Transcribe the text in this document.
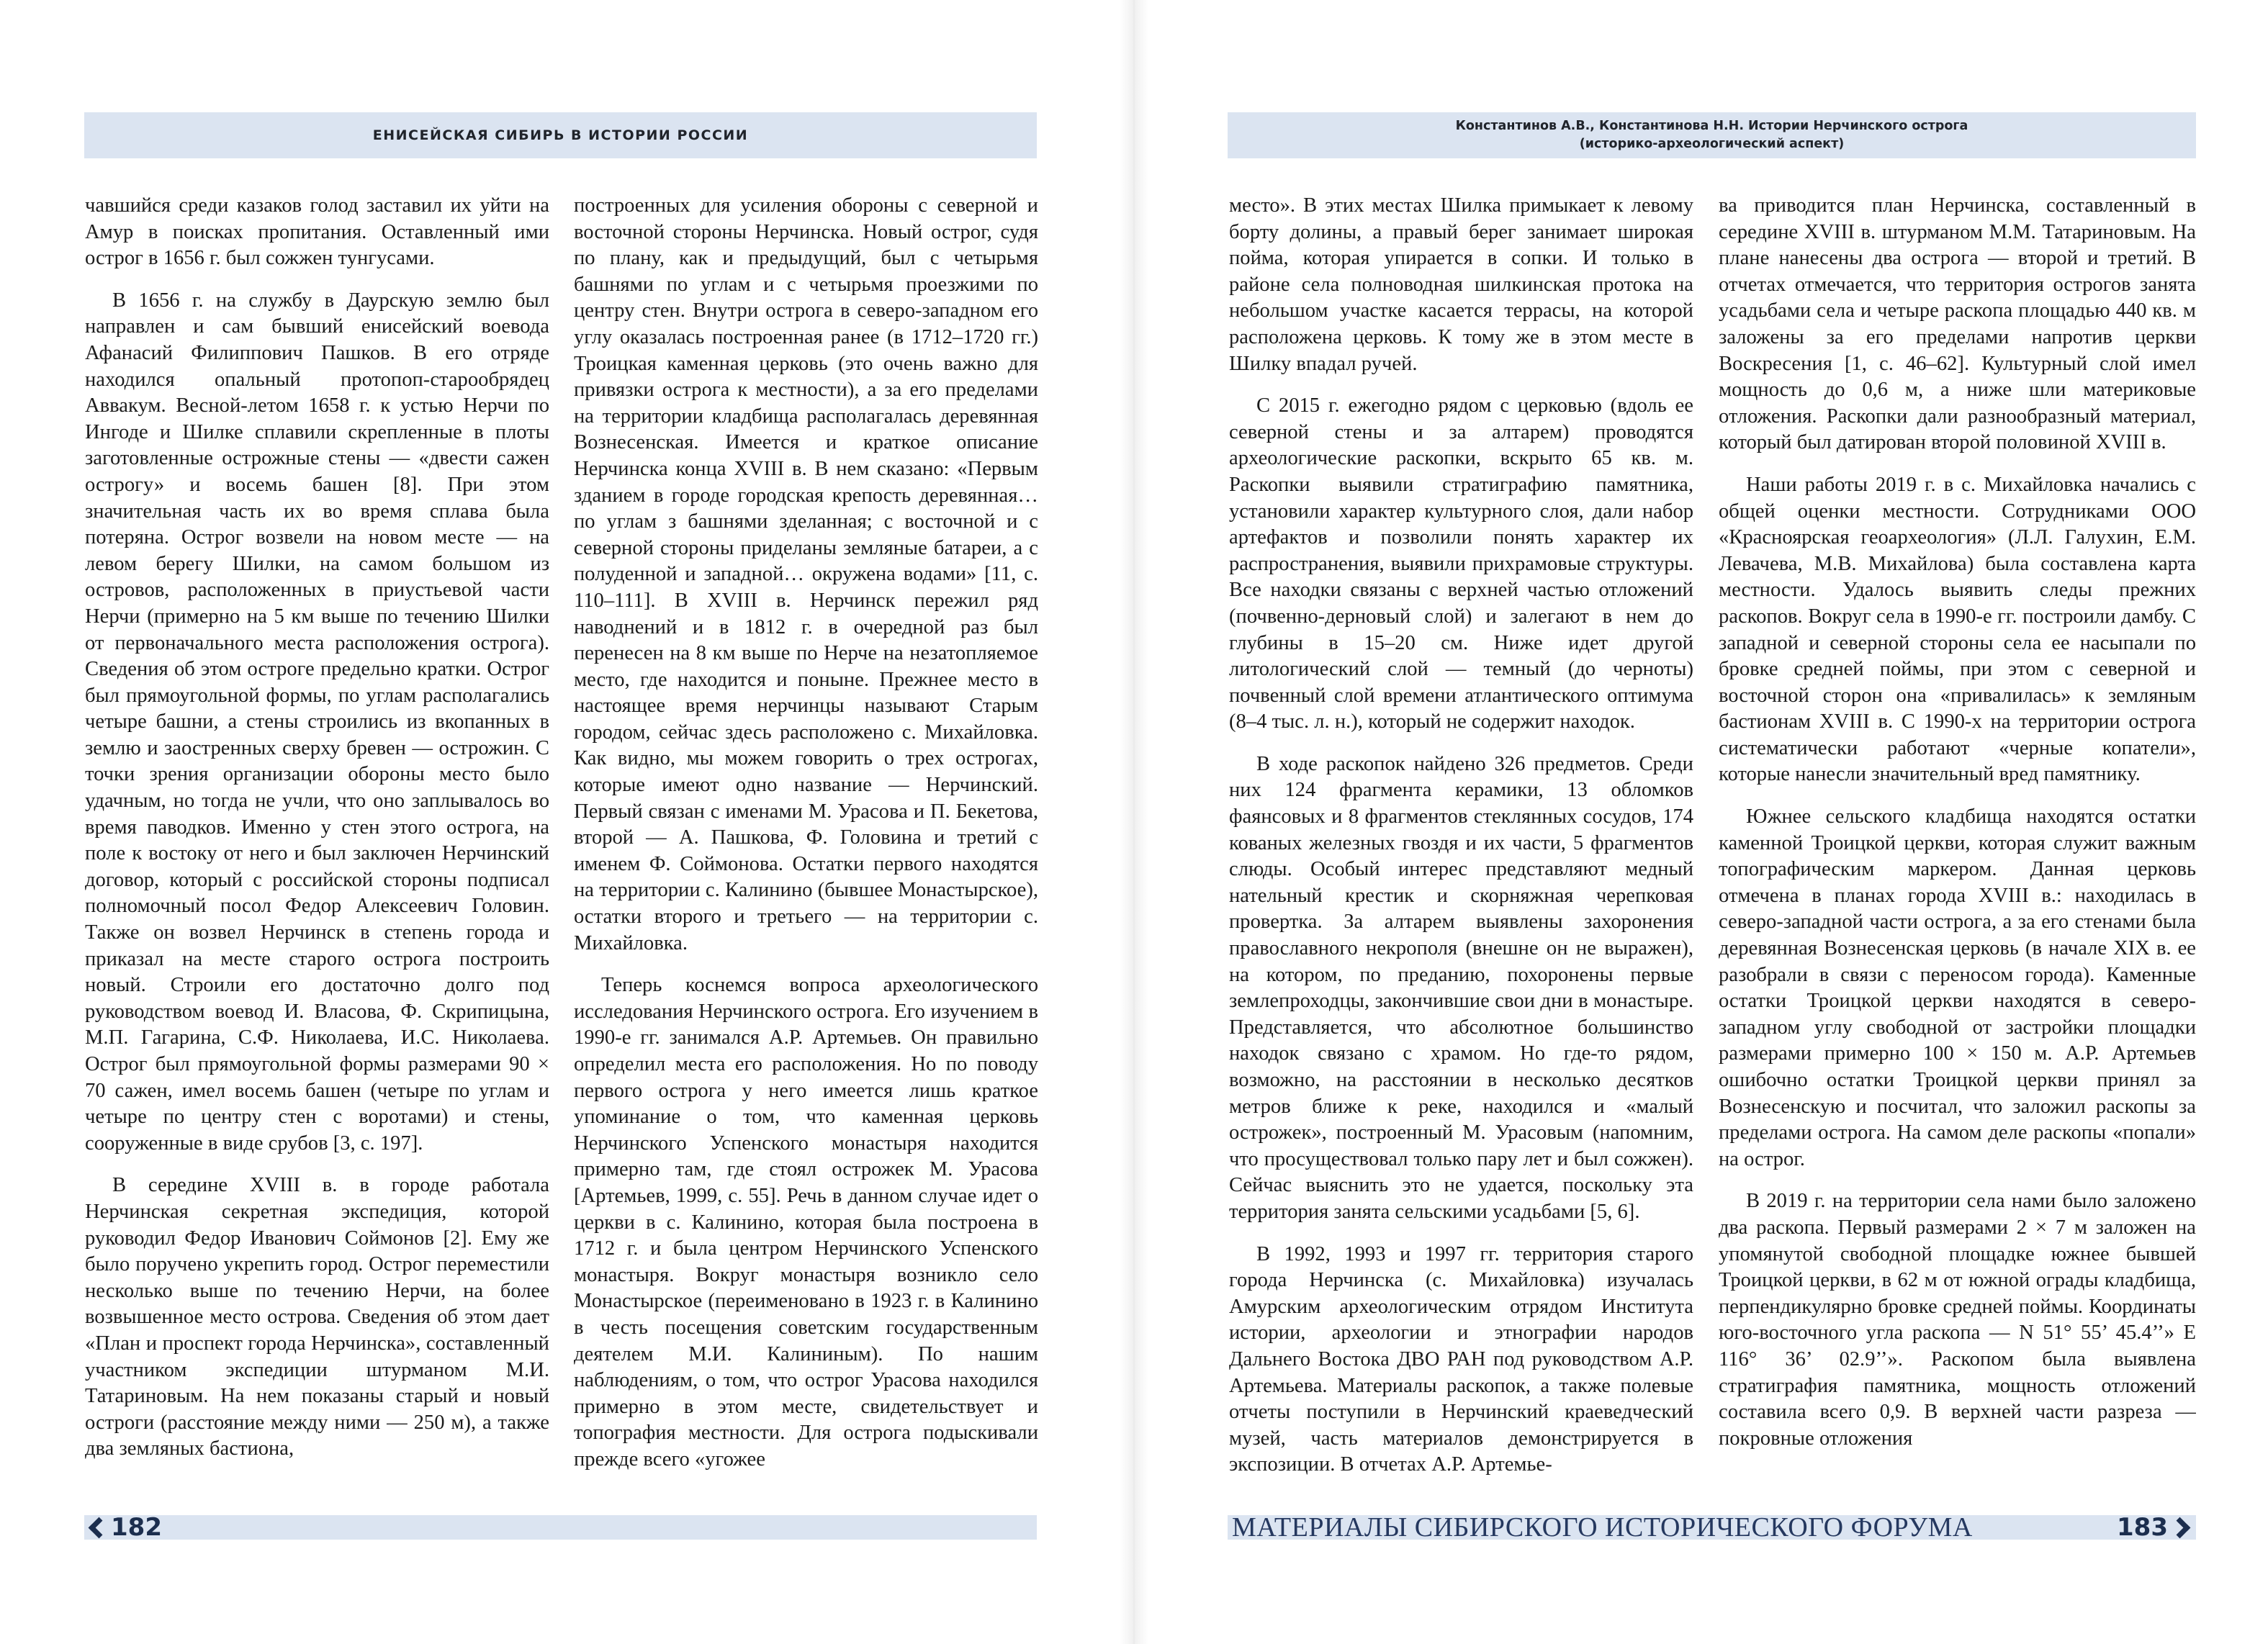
ЕНИСЕЙСКАЯ СИБИРЬ В ИСТОРИИ РОССИИ

чавшийся среди казаков голод заставил их уйти на Амур в поисках пропитания. Оставленный ими острог в 1656 г. был сожжен тунгусами.

В 1656 г. на службу в Даурскую землю был направлен и сам бывший енисейский воевода Афанасий Филиппович Пашков. В его отряде находился опальный протопоп-старообрядец Аввакум. Весной-летом 1658 г. к устью Нерчи по Ингоде и Шилке сплавили скрепленные в плоты заготовленные острожные стены — «двести сажен острогу» и восемь башен [8]. При этом значительная часть их во время сплава была потеряна. Острог возвели на новом месте — на левом берегу Шилки, на самом большом из островов, расположенных в приустьевой части Нерчи (примерно на 5 км выше по течению Шилки от первоначального места расположения острога). Сведения об этом остроге предельно кратки. Острог был прямоугольной формы, по углам располагались четыре башни, а стены строились из вкопанных в землю и заостренных сверху бревен — острожин. С точки зрения организации обороны место было удачным, но тогда не учли, что оно заплывалось во время паводков. Именно у стен этого острога, на поле к востоку от него и был заключен Нерчинский договор, который с российской стороны подписал полномочный посол Федор Алексеевич Головин. Также он возвел Нерчинск в степень города и приказал на месте старого острога построить новый. Строили его достаточно долго под руководством воевод И. Власова, Ф. Скрипицына, М.П. Гагарина, С.Ф. Николаева, И.С. Николаева. Острог был прямоугольной формы размерами 90 × 70 сажен, имел восемь башен (четыре по углам и четыре по центру стен с воротами) и стены, сооруженные в виде срубов [3, с. 197].

В середине XVIII в. в городе работала Нерчинская секретная экспедиция, которой руководил Федор Иванович Соймонов [2]. Ему же было поручено укрепить город. Острог переместили несколько выше по течению Нерчи, на более возвышенное место острова. Сведения об этом дает «План и проспект города Нерчинска», составленный участником экспедиции штурманом М.И. Татариновым. На нем показаны старый и новый остроги (расстояние между ними — 250 м), а также два земляных бастиона,

построенных для усиления обороны с северной и восточной стороны Нерчинска. Новый острог, судя по плану, как и предыдущий, был с четырьмя башнями по углам и с четырьмя проезжими по центру стен. Внутри острога в северо-западном его углу оказалась построенная ранее (в 1712–1720 гг.) Троицкая каменная церковь (это очень важно для привязки острога к местности), а за его пределами на территории кладбища располагалась деревянная Вознесенская. Имеется и краткое описание Нерчинска конца XVIII в. В нем сказано: «Первым зданием в городе городская крепость деревянная… по углам з башнями зделанная; с восточной и с северной стороны приделаны земляные батареи, а с полуденной и западной… окружена водами» [11, с. 110–111]. В XVIII в. Нерчинск пережил ряд наводнений и в 1812 г. в очередной раз был перенесен на 8 км выше по Нерче на незатопляемое место, где находится и поныне. Прежнее место в настоящее время нерчинцы называют Старым городом, сейчас здесь расположено с. Михайловка. Как видно, мы можем говорить о трех острогах, которые имеют одно название — Нерчинский. Первый связан с именами М. Урасова и П. Бекетова, второй — А. Пашкова, Ф. Головина и третий с именем Ф. Соймонова. Остатки первого находятся на территории с. Калинино (бывшее Монастырское), остатки второго и третьего — на территории с. Михайловка.

Теперь коснемся вопроса археологического исследования Нерчинского острога. Его изучением в 1990-е гг. занимался А.Р. Артемьев. Он правильно определил места его расположения. Но по поводу первого острога у него имеется лишь краткое упоминание о том, что каменная церковь Нерчинского Успенского монастыря находится примерно там, где стоял острожек М. Урасова [Артемьев, 1999, с. 55]. Речь в данном случае идет о церкви в с. Калинино, которая была построена в 1712 г. и была центром Нерчинского Успенского монастыря. Вокруг монастыря возникло село Монастырское (переименовано в 1923 г. в Калинино в честь посещения советским государственным деятелем М.И. Калининым). По нашим наблюдениям, о том, что острог Урасова находился примерно в этом месте, свидетельствует и топография местности. Для острога подыскивали прежде всего «угожее

182
Константинов А.В., Константинова Н.Н. Истории Нерчинского острога
(историко-археологический аспект)

место». В этих местах Шилка примыкает к левому борту долины, а правый берег занимает широкая пойма, которая упирается в сопки. И только в районе села полноводная шилкинская протока на небольшом участке касается террасы, на которой расположена церковь. К тому же в этом месте в Шилку впадал ручей.

С 2015 г. ежегодно рядом с церковью (вдоль ее северной стены и за алтарем) проводятся археологические раскопки, вскрыто 65 кв. м. Раскопки выявили стратиграфию памятника, установили характер культурного слоя, дали набор артефактов и позволили понять характер их распространения, выявили прихрамовые структуры. Все находки связаны с верхней частью отложений (почвенно-дерновый слой) и залегают в нем до глубины в 15–20 см. Ниже идет другой литологический слой — темный (до черноты) почвенный слой времени атлантического оптимума (8–4 тыс. л. н.), который не содержит находок.

В ходе раскопок найдено 326 предметов. Среди них 124 фрагмента керамики, 13 обломков фаянсовых и 8 фрагментов стеклянных сосудов, 174 кованых железных гвоздя и их части, 5 фрагментов слюды. Особый интерес представляют медный нательный крестик и скорняжная черепковая провертка. За алтарем выявлены захоронения православного некрополя (внешне он не выражен), на котором, по преданию, похоронены первые землепроходцы, закончившие свои дни в монастыре. Представляется, что абсолютное большинство находок связано с храмом. Но где-то рядом, возможно, на расстоянии в несколько десятков метров ближе к реке, находился и «малый острожек», построенный М. Урасовым (напомним, что просуществовал только пару лет и был сожжен). Сейчас выяснить это не удается, поскольку эта территория занята сельскими усадьбами [5, 6].

В 1992, 1993 и 1997 гг. территория старого города Нерчинска (с. Михайловка) изучалась Амурским археологическим отрядом Института истории, археологии и этнографии народов Дальнего Востока ДВО РАН под руководством А.Р. Артемьева. Материалы раскопок, а также полевые отчеты поступили в Нерчинский краеведческий музей, часть материалов демонстрируется в экспозиции. В отчетах А.Р. Артемье-

ва приводится план Нерчинска, составленный в середине XVIII в. штурманом М.М. Татариновым. На плане нанесены два острога — второй и третий. В отчетах отмечается, что территория острогов занята усадьбами села и четыре раскопа площадью 440 кв. м заложены за его пределами напротив церкви Воскресения [1, с. 46–62]. Культурный слой имел мощность до 0,6 м, а ниже шли материковые отложения. Раскопки дали разнообразный материал, который был датирован второй половиной XVIII в.

Наши работы 2019 г. в с. Михайловка начались с общей оценки местности. Сотрудниками ООО «Красноярская геоархеология» (Л.Л. Галухин, Е.М. Левачева, М.В. Михайлова) была составлена карта местности. Удалось выявить следы прежних раскопов. Вокруг села в 1990-е гг. построили дамбу. С западной и северной стороны села ее насыпали по бровке средней поймы, при этом с северной и восточной сторон она «привалилась» к земляным бастионам XVIII в. С 1990-х на территории острога систематически работают «черные копатели», которые нанесли значительный вред памятнику.

Южнее сельского кладбища находятся остатки каменной Троицкой церкви, которая служит важным топографическим маркером. Данная церковь отмечена в планах города XVIII в.: находилась в северо-западной части острога, а за его стенами была деревянная Вознесенская церковь (в начале XIX в. ее разобрали в связи с переносом города). Каменные остатки Троицкой церкви находятся в северо-западном углу свободной от застройки площадки размерами примерно 100 × 150 м. А.Р. Артемьев ошибочно остатки Троицкой церкви принял за Вознесенскую и посчитал, что заложил раскопы за пределами острога. На самом деле раскопы «попали» на острог.

В 2019 г. на территории села нами было заложено два раскопа. Первый размерами 2 × 7 м заложен на упомянутой свободной площадке южнее бывшей Троицкой церкви, в 62 м от южной ограды кладбища, перпендикулярно бровке средней поймы. Координаты юго-восточного угла раскопа — N 51° 55’ 45.4’’» E 116° 36’ 02.9’’». Раскопом была выявлена стратиграфия памятника, мощность отложений составила всего 0,9. В верхней части разреза — покровные отложения

МАТЕРИАЛЫ СИБИРСКОГО ИСТОРИЧЕСКОГО ФОРУМА	183
